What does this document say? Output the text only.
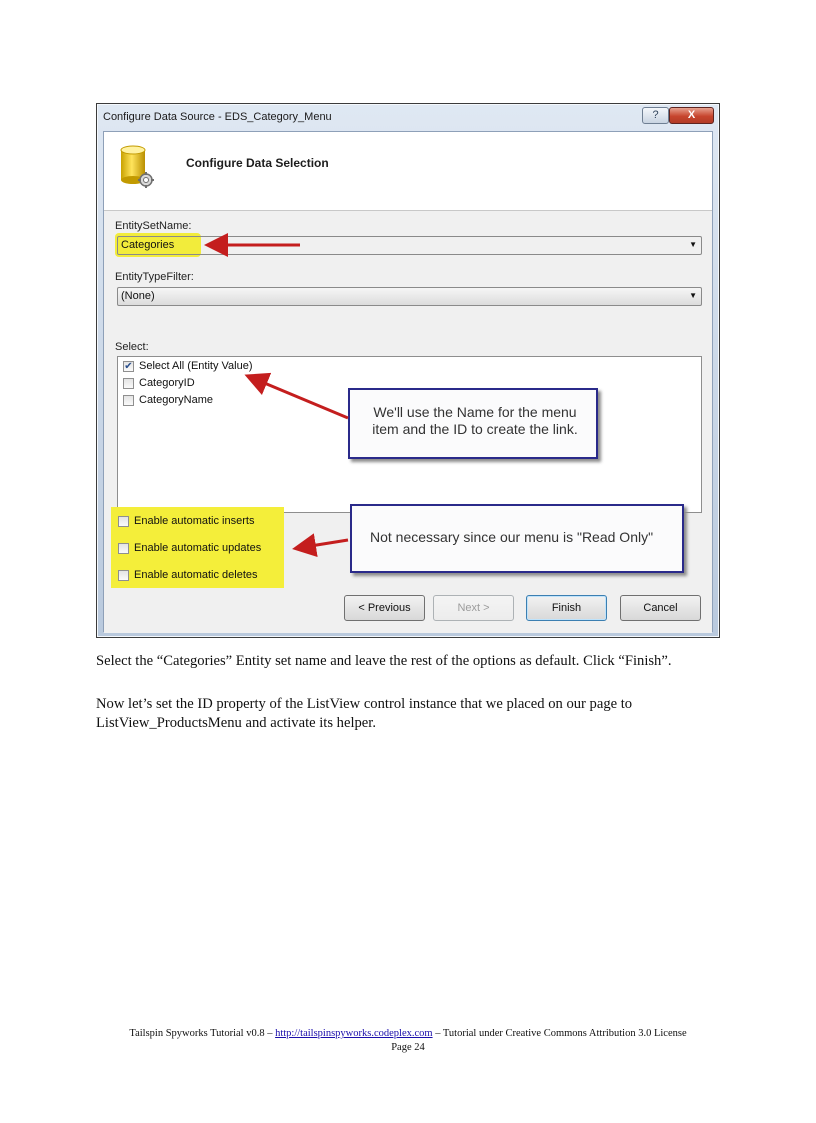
Configure Data Source - EDS_Category_Menu	?	X
Configure Data Selection
EntitySetName:
Categories	▼
EntityTypeFilter:
(None)	▼
Select:
✔ Select All (Entity Value)
CategoryID
CategoryName
We'll use the Name for the menu item and the ID to create the link.
Enable automatic inserts
Enable automatic updates
Enable automatic deletes
Not necessary since our menu is "Read Only"
< Previous	Next >	Finish	Cancel

Select the “Categories” Entity set name and leave the rest of the options as default. Click “Finish”.

Now let’s set the ID property of the ListView control instance that we placed on our page to ListView_ProductsMenu and activate its helper.

Tailspin Spyworks Tutorial v0.8 – http://tailspinspyworks.codeplex.com – Tutorial under Creative Commons Attribution 3.0 License
Page 24
